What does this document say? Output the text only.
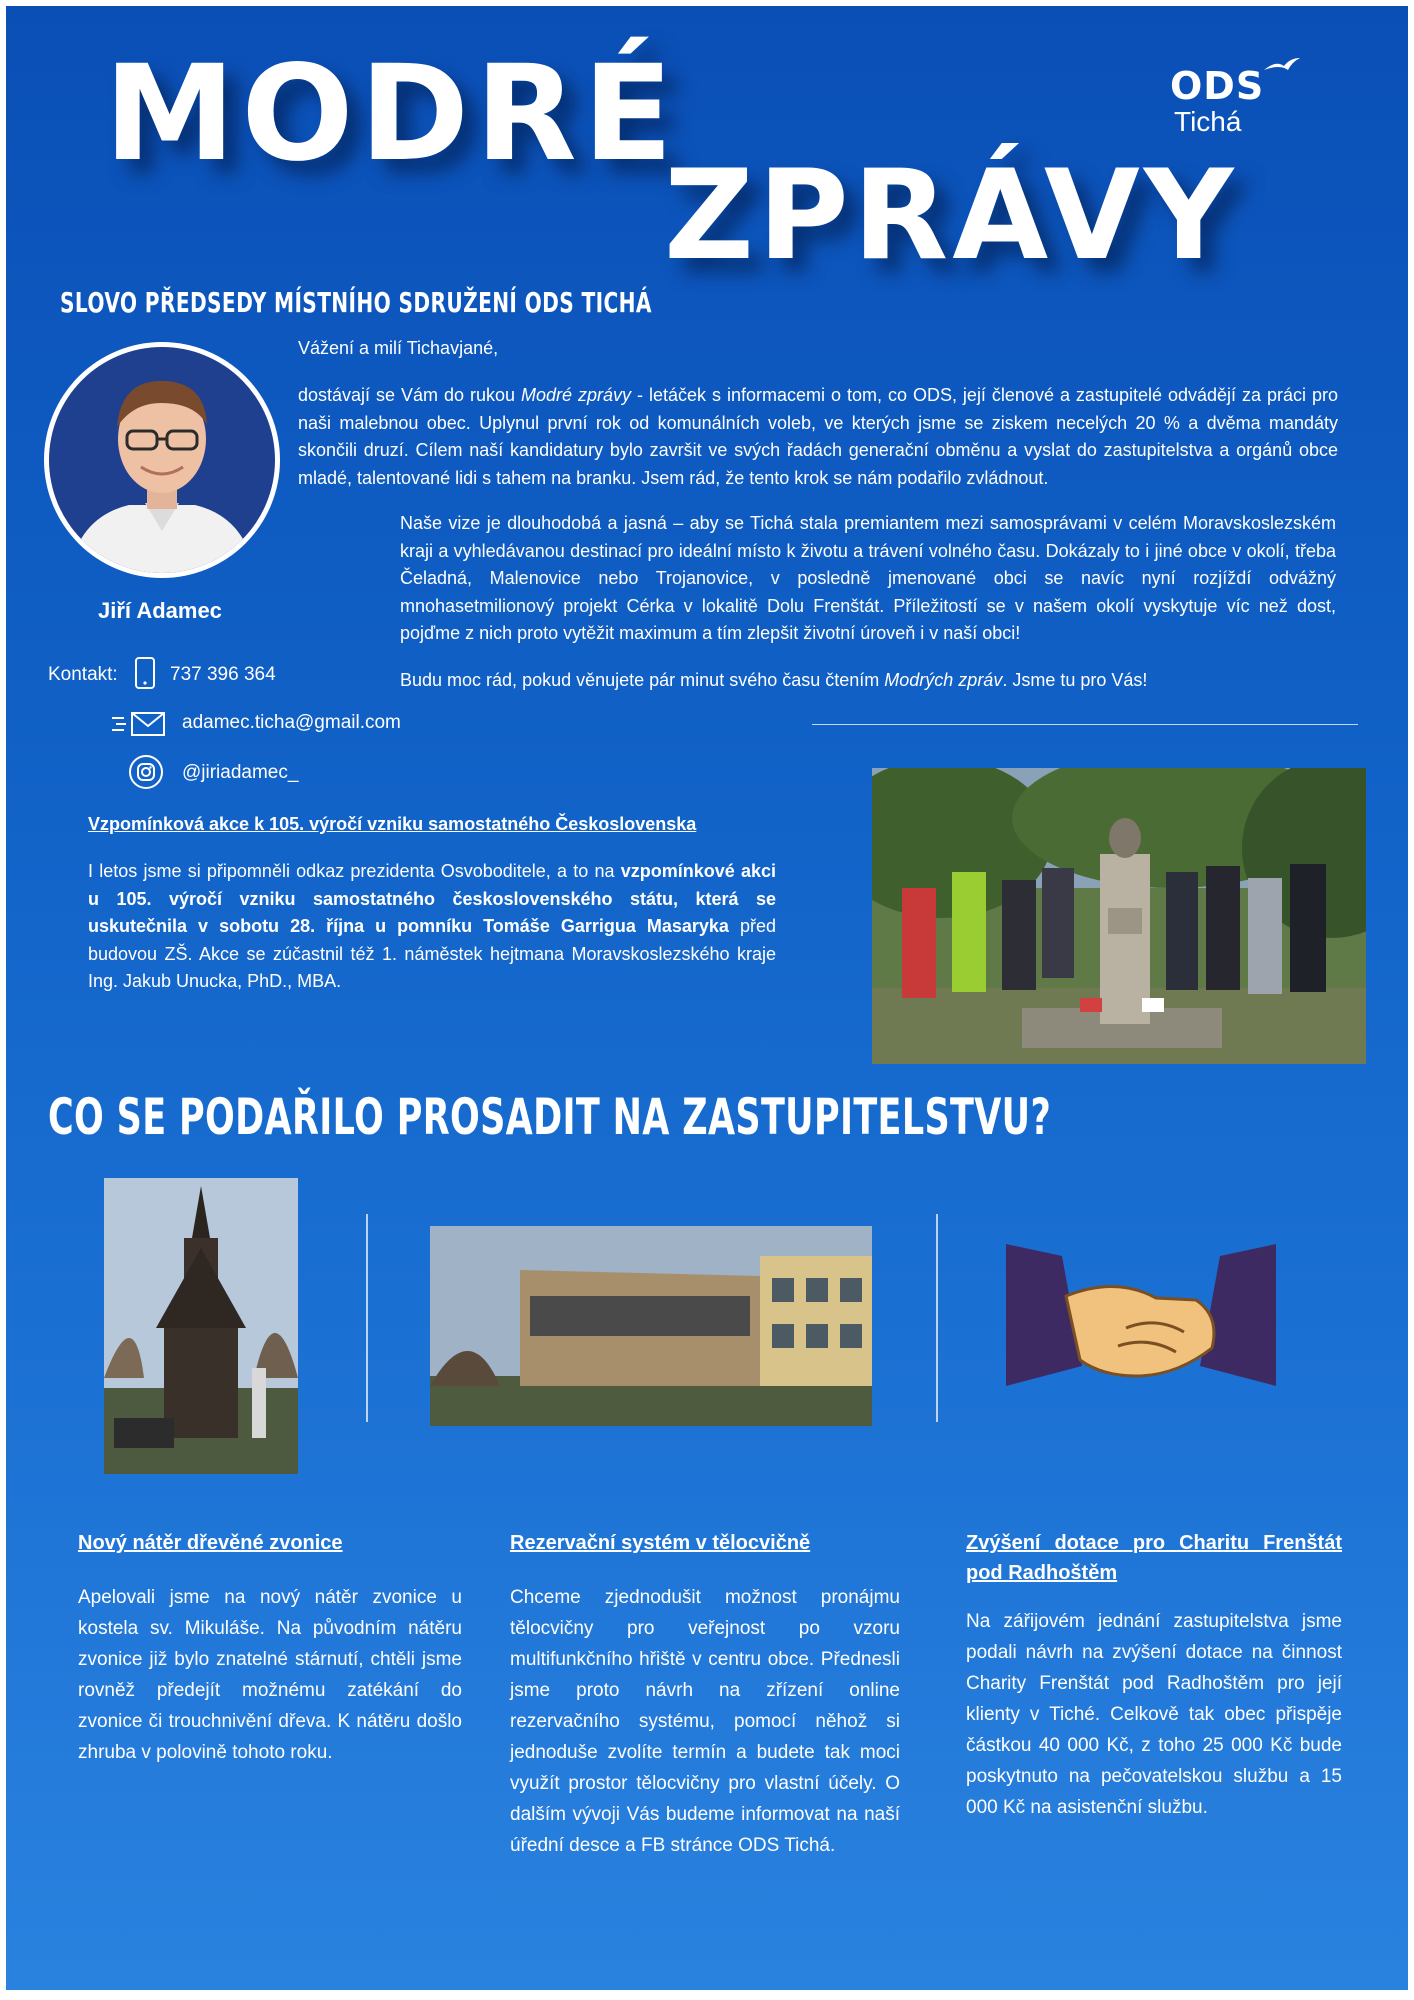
MODRÉ
ZPRÁVY
ODS
Tichá
SLOVO PŘEDSEDY MÍSTNÍHO SDRUŽENÍ ODS TICHÁ
Jiří Adamec
Kontakt:	737 396 364
adamec.ticha@gmail.com
@jiriadamec_
Vážení a milí Tichavjané,

dostávají se Vám do rukou Modré zprávy - letáček s informacemi o tom, co ODS, její členové a zastupitelé odvádějí za práci pro naši malebnou obec. Uplynul první rok od komunálních voleb, ve kterých jsme se ziskem necelých 20 % a dvěma mandáty skončili druzí. Cílem naší kandidatury bylo završit ve svých řadách generační obměnu a vyslat do zastupitelstva a orgánů obce mladé, talentované lidi s tahem na branku. Jsem rád, že tento krok se nám podařilo zvládnout.

Naše vize je dlouhodobá a jasná – aby se Tichá stala premiantem mezi samosprávami v celém Moravskoslezském kraji a vyhledávanou destinací pro ideální místo k životu a trávení volného času. Dokázaly to i jiné obce v okolí, třeba Čeladná, Malenovice nebo Trojanovice, v posledně jmenované obci se navíc nyní rozjíždí odvážný mnohasetmilionový projekt Cérka v lokalitě Dolu Frenštát. Příležitostí se v našem okolí vyskytuje víc než dost, pojďme z nich proto vytěžit maximum a tím zlepšit životní úroveň i v naší obci!

Budu moc rád, pokud věnujete pár minut svého času čtením Modrých zpráv. Jsme tu pro Vás!

Vzpomínková akce k 105. výročí vzniku samostatného Československa

I letos jsme si připomněli odkaz prezidenta Osvoboditele, a to na vzpomínkové akci u 105. výročí vzniku samostatného československého státu, která se uskutečnila v sobotu 28. října u pomníku Tomáše Garrigua Masaryka před budovou ZŠ. Akce se zúčastnil též 1. náměstek hejtmana Moravskoslezského kraje Ing. Jakub Unucka, PhD., MBA.

CO SE PODAŘILO PROSADIT NA ZASTUPITELSTVU?
Nový nátěr dřevěné zvonice

Apelovali jsme na nový nátěr zvonice u kostela sv. Mikuláše. Na původním nátěru zvonice již bylo znatelné stárnutí, chtěli jsme rovněž předejít možnému zatékání do zvonice či trouchnivění dřeva. K nátěru došlo zhruba v polovině tohoto roku.

Rezervační systém v tělocvičně

Chceme zjednodušit možnost pronájmu tělocvičny pro veřejnost po vzoru multifunkčního hřiště v centru obce. Přednesli jsme proto návrh na zřízení online rezervačního systému, pomocí něhož si jednoduše zvolíte termín a budete tak moci využít prostor tělocvičny pro vlastní účely. O dalším vývoji Vás budeme informovat na naší úřední desce a FB stránce ODS Tichá.

Zvýšení dotace pro Charitu Frenštát pod Radhoštěm

Na zářijovém jednání zastupitelstva jsme podali návrh na zvýšení dotace na činnost Charity Frenštát pod Radhoštěm pro její klienty v Tiché. Celkově tak obec přispěje částkou 40 000 Kč, z toho 25 000 Kč bude poskytnuto na pečovatelskou službu a 15 000 Kč na asistenční službu.
